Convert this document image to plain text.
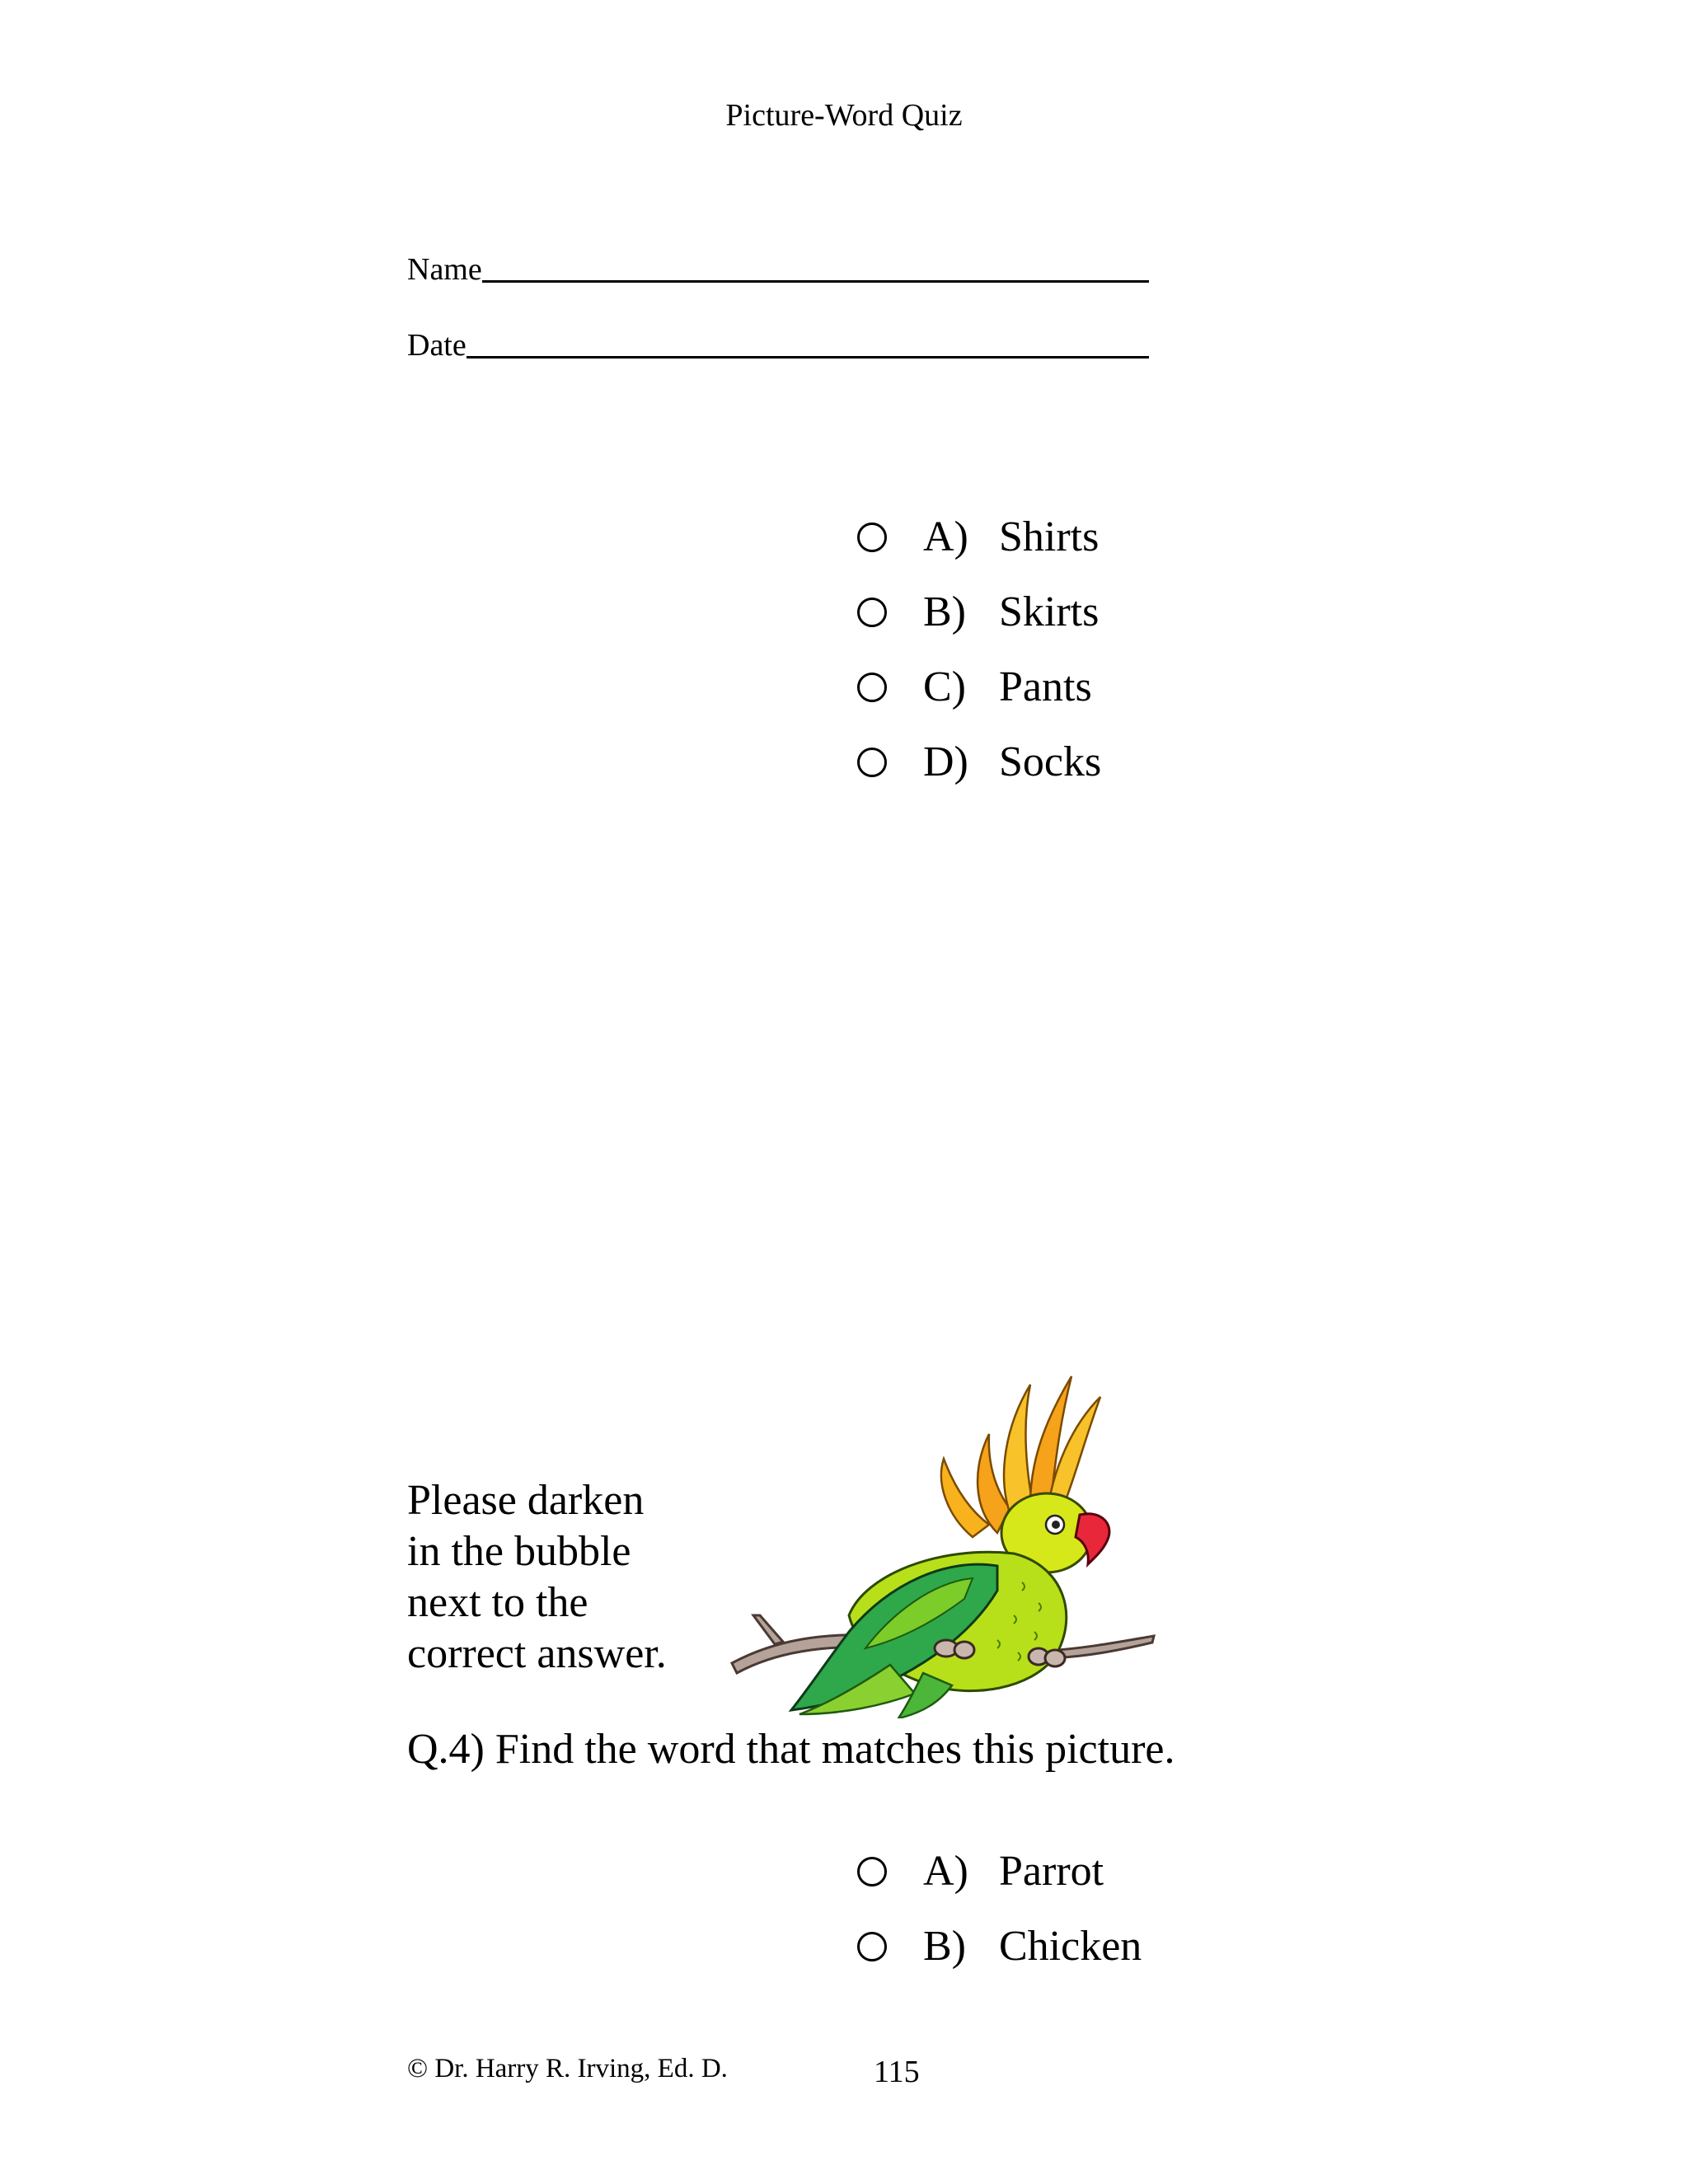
Picture-Word Quiz
Name
Date
A) Shirts
B) Skirts
C) Pants
D) Socks
Please darken
in the bubble
next to the
correct answer.
Q.4) Find the word that matches this picture.
A) Parrot
B) Chicken
© Dr. Harry R. Irving, Ed. D.	115
